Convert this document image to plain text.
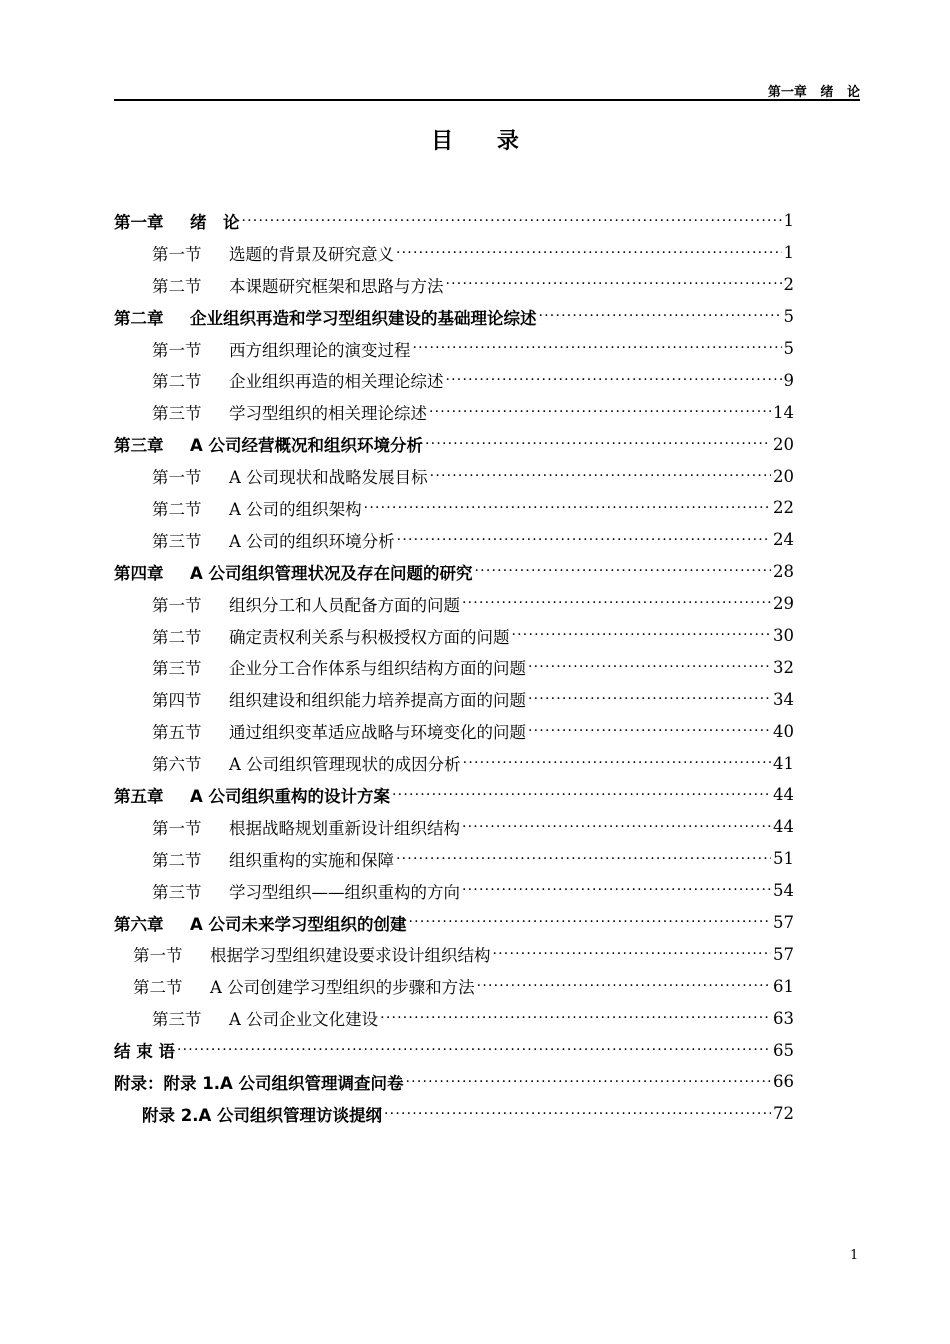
第一章   绪   论
目 录
第一章	绪　论 ·····	1
第一节	选题的背景及研究意义 ·····	1
第二节	本课题研究框架和思路与方法 ·····	2
第二章	企业组织再造和学习型组织建设的基础理论综述 ·····	5
第一节	西方组织理论的演变过程 ·····	5
第二节	企业组织再造的相关理论综述 ·····	9
第三节	学习型组织的相关理论综述 ·····	14
第三章	A 公司经营概况和组织环境分析 ·····	20
第一节	A 公司现状和战略发展目标 ·····	20
第二节	A 公司的组织架构 ·····	22
第三节	A 公司的组织环境分析 ·····	24
第四章	A 公司组织管理状况及存在问题的研究 ·····	28
第一节	组织分工和人员配备方面的问题 ·····	29
第二节	确定责权利关系与积极授权方面的问题 ·····	30
第三节	企业分工合作体系与组织结构方面的问题 ·····	32
第四节	组织建设和组织能力培养提高方面的问题 ·····	34
第五节	通过组织变革适应战略与环境变化的问题 ·····	40
第六节	A 公司组织管理现状的成因分析 ·····	41
第五章	A 公司组织重构的设计方案 ·····	44
第一节	根据战略规划重新设计组织结构 ·····	44
第二节	组织重构的实施和保障 ·····	51
第三节	学习型组织——组织重构的方向 ·····	54
第六章	A 公司未来学习型组织的创建 ·····	57
第一节	根据学习型组织建设要求设计组织结构 ·····	57
第二节	A 公司创建学习型组织的步骤和方法 ·····	61
第三节	A 公司企业文化建设 ·····	63
结 束 语 ·····	65
附录：附录 1.A 公司组织管理调查问卷 ·····	66
附录 2.A 公司组织管理访谈提纲 ·····	72
1
